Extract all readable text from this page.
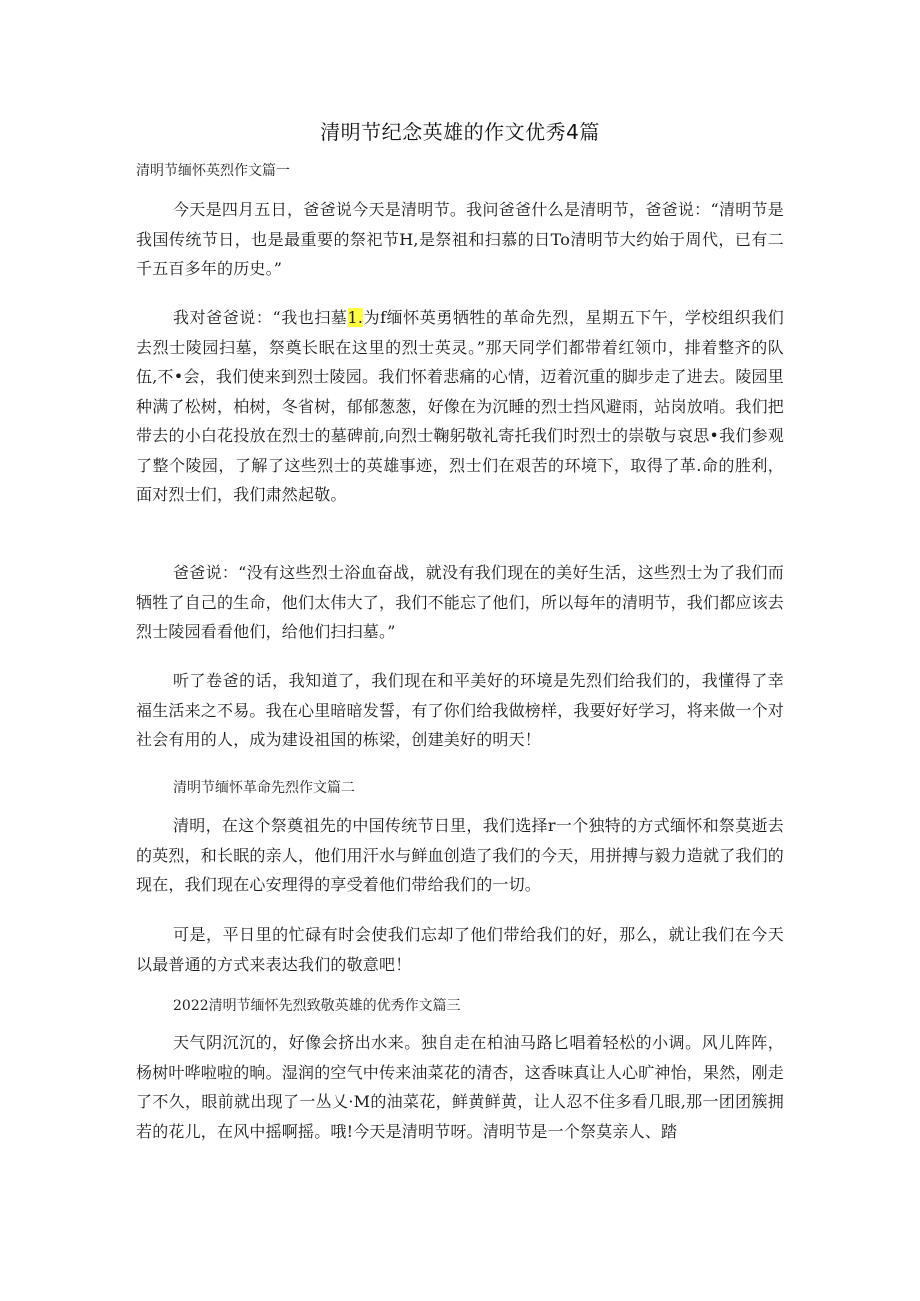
清明节纪念英雄的作文优秀4篇
清明节缅怀英烈作文篇一
今天是四月五日，爸爸说今天是清明节。我问爸爸什么是清明节，爸爸说：“清明节是我国传统节日，也是最重要的祭祀节H,是祭祖和扫慕的日To清明节大约始于周代，已有二千五百多年的历史。”
我对爸爸说：“我也扫墓1.为f缅怀英勇牺牲的革命先烈，星期五下午，学校组织我们去烈士陵园扫墓，祭奠长眠在这里的烈士英灵。”那天同学们都带着红领巾，排着整齐的队伍,不•会，我们使来到烈士陵园。我们怀着悲痛的心情，迈着沉重的脚步走了进去。陵园里种满了松树，柏树，冬省树，郁郁葱葱，好像在为沉睡的烈士挡风避雨，站岗放哨。我们把带去的小白花投放在烈士的墓碑前,向烈士鞠躬敬礼寄托我们时烈士的崇敬与哀思•我们参观了整个陵园，了解了这些烈士的英雄事迹，烈士们在艰苦的环境下，取得了革.命的胜利，面对烈士们，我们肃然起敬。
爸爸说：“没有这些烈士浴血奋战，就没有我们现在的美好生活，这些烈士为了我们而牺牲了自己的生命，他们太伟大了，我们不能忘了他们，所以每年的清明节，我们都应该去烈士陵园看看他们，给他们扫扫墓。”
听了卷爸的话，我知道了，我们现在和平美好的环境是先烈们给我们的，我懂得了幸福生活来之不易。我在心里暗暗发誓，有了你们给我做榜样，我要好好学习，将来做一个对社会有用的人，成为建设祖国的栋梁，创建美好的明天！
清明节缅怀革命先烈作文篇二
清明，在这个祭奠祖先的中国传统节日里，我们选择r一个独特的方式缅怀和祭莫逝去的英烈，和长眠的亲人，他们用汗水与鲜血创造了我们的今天，用拼搏与毅力造就了我们的现在，我们现在心安理得的享受着他们带给我们的一切。
可是，平日里的忙碌有时会使我们忘却了他们带给我们的好，那么，就让我们在今天以最普通的方式来表达我们的敬意吧！
2022清明节缅怀先烈致敬英雄的优秀作文篇三
天气阴沉沉的，好像会挤出水来。独自走在柏油马路匕唱着轻松的小调。风儿阵阵，杨树叶哗啦啦的晌。湿润的空气中传来油菜花的清杏，这香味真让人心旷神怡，果然，刚走了不久，眼前就出现了一丛乂·M的油菜花，鲜黄鲜黄，让人忍不住多看几眼,那一团团簇拥若的花儿，在风中摇啊摇。哦!今天是清明节呀。清明节是一个祭莫亲人、踏
